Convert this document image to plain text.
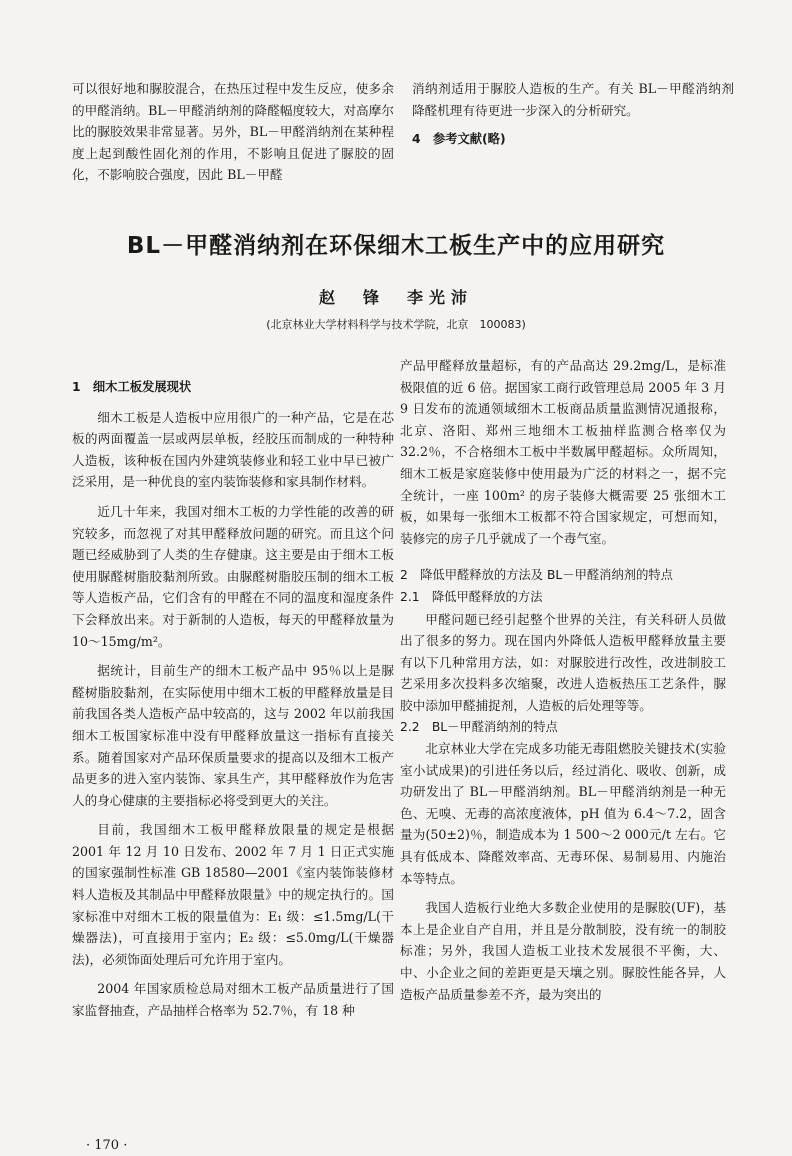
可以很好地和脲胶混合，在热压过程中发生反应，使多余的甲醛消纳。BL－甲醛消纳剂的降醛幅度较大，对高摩尔比的脲胶效果非常显著。另外，BL－甲醛消纳剂在某种程度上起到酸性固化剂的作用，不影响且促进了脲胶的固化，不影响胶合强度，因此 BL－甲醛

消纳剂适用于脲胶人造板的生产。有关 BL－甲醛消纳剂降醛机理有待更进一步深入的分析研究。

4　参考文献(略)

BL－甲醛消纳剂在环保细木工板生产中的应用研究
赵　锋　李光沛
(北京林业大学材料科学与技术学院，北京　100083)

1　细木工板发展现状

细木工板是人造板中应用很广的一种产品，它是在芯板的两面覆盖一层或两层单板，经胶压而制成的一种特种人造板，该种板在国内外建筑装修业和轻工业中早已被广泛采用，是一种优良的室内装饰装修和家具制作材料。

近几十年来，我国对细木工板的力学性能的改善的研究较多，而忽视了对其甲醛释放问题的研究。而且这个问题已经威胁到了人类的生存健康。这主要是由于细木工板使用脲醛树脂胶黏剂所致。由脲醛树脂胶压制的细木工板等人造板产品，它们含有的甲醛在不同的温度和湿度条件下会释放出来。对于新制的人造板，每天的甲醛释放量为 10～15mg/m²。

据统计，目前生产的细木工板产品中 95％以上是脲醛树脂胶黏剂，在实际使用中细木工板的甲醛释放量是目前我国各类人造板产品中较高的，这与 2002 年以前我国细木工板国家标准中没有甲醛释放量这一指标有直接关系。随着国家对产品环保质量要求的提高以及细木工板产品更多的进入室内装饰、家具生产，其甲醛释放作为危害人的身心健康的主要指标必将受到更大的关注。

目前，我国细木工板甲醛释放限量的规定是根据 2001 年 12 月 10 日发布、2002 年 7 月 1 日正式实施的国家强制性标准 GB 18580—2001《室内装饰装修材料人造板及其制品中甲醛释放限量》中的规定执行的。国家标准中对细木工板的限量值为：E₁ 级：≤1.5mg/L(干燥器法)，可直接用于室内；E₂ 级：≤5.0mg/L(干燥器法)，必须饰面处理后可允许用于室内。

2004 年国家质检总局对细木工板产品质量进行了国家监督抽查，产品抽样合格率为 52.7％，有 18 种

产品甲醛释放量超标，有的产品高达 29.2mg/L，是标准极限值的近 6 倍。据国家工商行政管理总局 2005 年 3 月 9 日发布的流通领域细木工板商品质量监测情况通报称，北京、洛阳、郑州三地细木工板抽样监测合格率仅为 32.2％，不合格细木工板中半数属甲醛超标。众所周知，细木工板是家庭装修中使用最为广泛的材料之一，据不完全统计，一座 100m² 的房子装修大概需要 25 张细木工板，如果每一张细木工板都不符合国家规定，可想而知，装修完的房子几乎就成了一个毒气室。

2　降低甲醛释放的方法及 BL－甲醛消纳剂的特点

2.1　降低甲醛释放的方法

甲醛问题已经引起整个世界的关注，有关科研人员做出了很多的努力。现在国内外降低人造板甲醛释放量主要有以下几种常用方法，如：对脲胶进行改性，改进制胶工艺采用多次投料多次缩聚，改进人造板热压工艺条件，脲胶中添加甲醛捕捉剂，人造板的后处理等等。

2.2　BL－甲醛消纳剂的特点

北京林业大学在完成多功能无毒阻燃胶关键技术(实验室小试成果)的引进任务以后，经过消化、吸收、创新，成功研发出了 BL－甲醛消纳剂。BL－甲醛消纳剂是一种无色、无嗅、无毒的高浓度液体，pH 值为 6.4～7.2，固含量为(50±2)％，制造成本为 1 500～2 000元/t 左右。它具有低成本、降醛效率高、无毒环保、易制易用、内施治本等特点。

我国人造板行业绝大多数企业使用的是脲胶(UF)，基本上是企业自产自用，并且是分散制胶，没有统一的制胶标准；另外，我国人造板工业技术发展很不平衡，大、中、小企业之间的差距更是天壤之别。脲胶性能各异，人造板产品质量参差不齐，最为突出的

· 170 ·
